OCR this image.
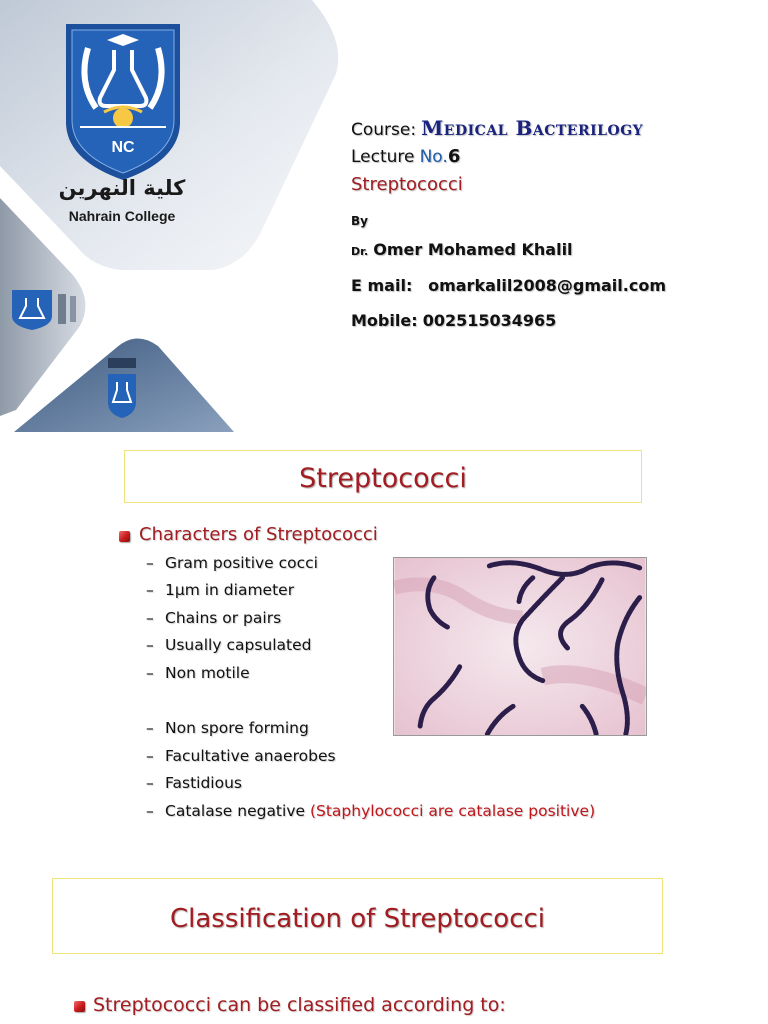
NC
كلية النهرين
Nahrain College
Course: Medical Bacterilogy
Lecture No.6
Streptococci
By
Dr. Omer Mohamed Khalil
E mail: omarkalil2008@gmail.com
Mobile: 002515034965
Streptococci
Characters of Streptococci
– Gram positive cocci
– 1µm in diameter
– Chains or pairs
– Usually capsulated
– Non motile
– Non spore forming
– Facultative anaerobes
– Fastidious
– Catalase negative (Staphylococci are catalase positive)
Classification of Streptococci
Streptococci can be classified according to:
